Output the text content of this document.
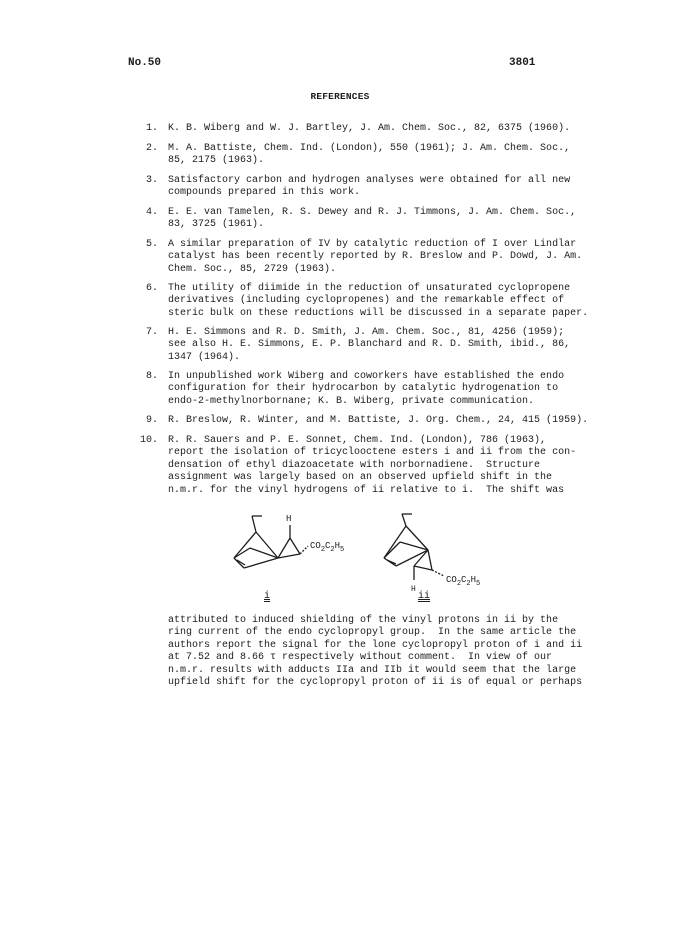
No.50	3801
REFERENCES
1. K. B. Wiberg and W. J. Bartley, J. Am. Chem. Soc., 82, 6375 (1960).
2. M. A. Battiste, Chem. Ind. (London), 550 (1961); J. Am. Chem. Soc.,
85, 2175 (1963).
3. Satisfactory carbon and hydrogen analyses were obtained for all new
compounds prepared in this work.
4. E. E. van Tamelen, R. S. Dewey and R. J. Timmons, J. Am. Chem. Soc.,
83, 3725 (1961).
5. A similar preparation of IV by catalytic reduction of I over Lindlar
catalyst has been recently reported by R. Breslow and P. Dowd, J. Am.
Chem. Soc., 85, 2729 (1963).
6. The utility of diimide in the reduction of unsaturated cyclopropene
derivatives (including cyclopropenes) and the remarkable effect of
steric bulk on these reductions will be discussed in a separate paper.
7. H. E. Simmons and R. D. Smith, J. Am. Chem. Soc., 81, 4256 (1959);
see also H. E. Simmons, E. P. Blanchard and R. D. Smith, ibid., 86,
1347 (1964).
8. In unpublished work Wiberg and coworkers have established the endo
configuration for their hydrocarbon by catalytic hydrogenation to
endo-2-methylnorbornane; K. B. Wiberg, private communication.
9. R. Breslow, R. Winter, and M. Battiste, J. Org. Chem., 24, 415 (1959).
10. R. R. Sauers and P. E. Sonnet, Chem. Ind. (London), 786 (1963),
report the isolation of tricyclooctene esters i and ii from the con-
densation of ethyl diazoacetate with norbornadiene.  Structure
assignment was largely based on an observed upfield shift in the
n.m.r. for the vinyl hydrogens of ii relative to i.  The shift was
H
$CO_2C_2H_5$
$CO_2C_2H_5$
H
i	ii
attributed to induced shielding of the vinyl protons in ii by the
ring current of the endo cyclopropyl group.  In the same article the
authors report the signal for the lone cyclopropyl proton of i and ii
at 7.52 and 8.66 τ respectively without comment.  In view of our
n.m.r. results with adducts IIa and IIb it would seem that the large
upfield shift for the cyclopropyl proton of ii is of equal or perhaps
